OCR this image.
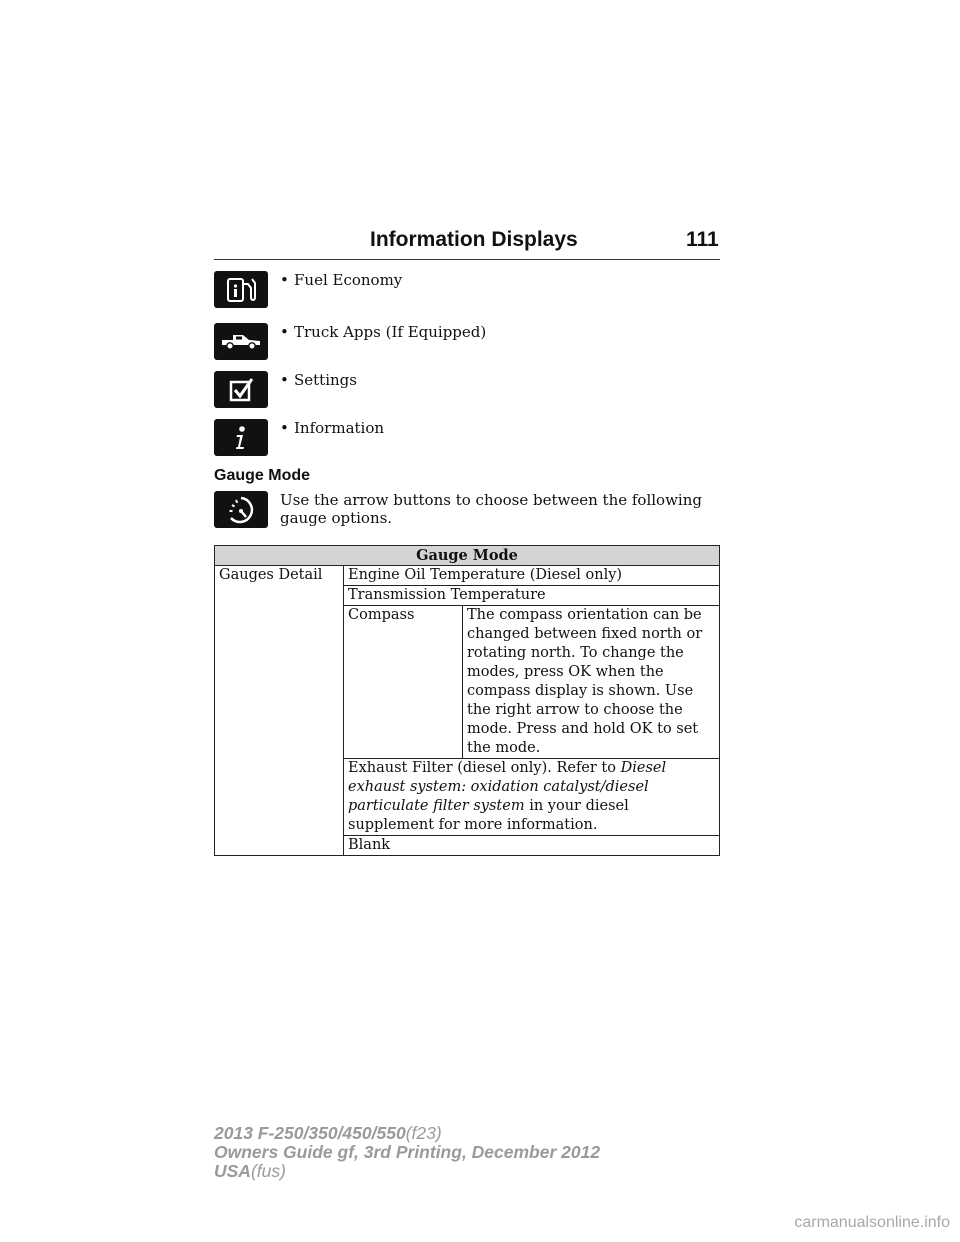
Information Displays	111
• Fuel Economy
• Truck Apps (If Equipped)
• Settings
• Information
Gauge Mode
Use the arrow buttons to choose between the following gauge options.
Gauge Mode		
Gauges Detail	Engine Oil Temperature (Diesel only)	
	Transmission Temperature	
	Compass	The compass orientation can be changed between fixed north or rotating north. To change the modes, press OK when the compass display is shown. Use the right arrow to choose the mode. Press and hold OK to set the mode.
	Exhaust Filter (diesel only). Refer to Diesel exhaust system: oxidation catalyst/diesel particulate filter system in your diesel supplement for more information.	
	Blank	
2013 F-250/350/450/550(f23)
Owners Guide gf, 3rd Printing, December 2012
USA(fus)
carmanualsonline.info
